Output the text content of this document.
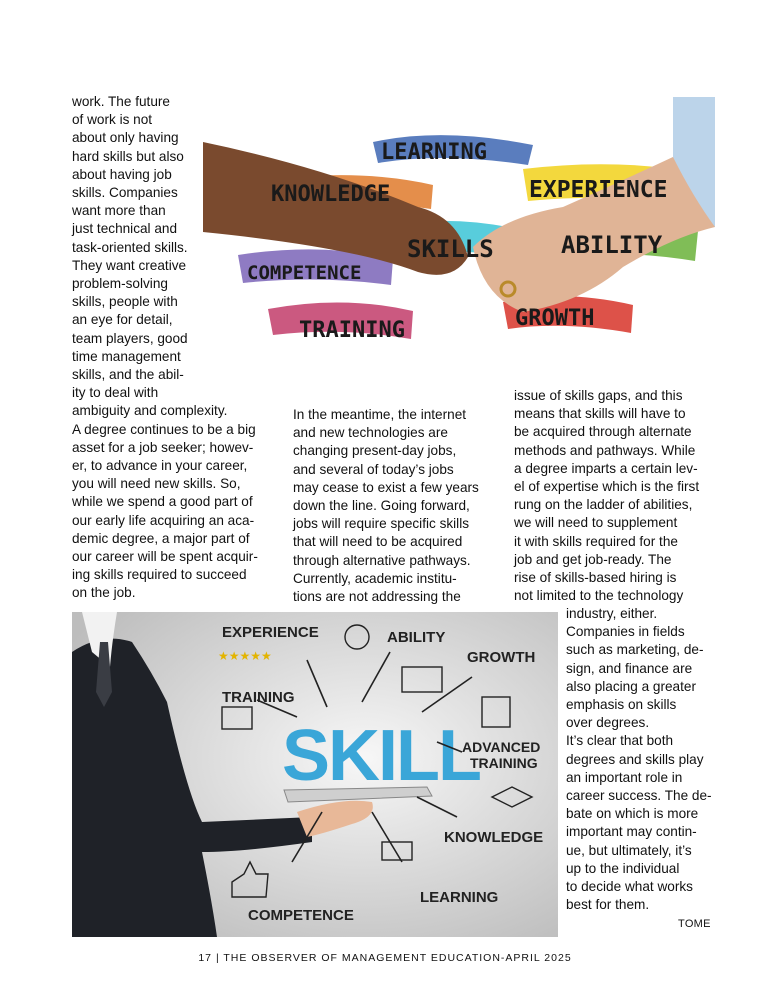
work. The future
of work is not
about only having
hard skills but also
about having job
skills. Companies
want more than
just technical and
task-oriented skills.
They want creative
problem-solving
skills, people with
an eye for detail,
team players, good
time management
skills, and the abil-
ity to deal with
ambiguity and complexity.
A degree continues to be a big
asset for a job seeker; howev-
er, to advance in your career,
you will need new skills. So,
while we spend a good part of
our early life acquiring an aca-
demic degree, a major part of
our career will be spent acquir-
ing skills required to succeed
on the job.
In the meantime, the internet
and new technologies are
changing present-day jobs,
and several of today’s jobs
may cease to exist a few years
down the line. Going forward,
jobs will require specific skills
that will need to be acquired
through alternative pathways.
Currently, academic institu-
tions are not addressing the
issue of skills gaps, and this
means that skills will have to
be acquired through alternate
methods and pathways. While
a degree imparts a certain lev-
el of expertise which is the first
rung on the ladder of abilities,
we will need to supplement
it with skills required for the
job and get job-ready. The
rise of skills-based hiring is
not limited to the technology
industry, either.
Companies in fields
such as marketing, de-
sign, and finance are
also placing a greater
emphasis on skills
over degrees.
It’s clear that both
degrees and skills play
an important role in
career success. The de-
bate on which is more
important may contin-
ue, but ultimately, it’s
up to the individual
to decide what works
best for them.
LEARNING
KNOWLEDGE	EXPERIENCE
SKILLS	ABILITY
COMPETENCE
GROWTH
TRAINING
SKILL
★★★★★
EXPERIENCE	ABILITY
GROWTH
TRAINING
ADVANCED
TRAINING
KNOWLEDGE
LEARNING
COMPETENCE	TOME
17 | THE OBSERVER OF MANAGEMENT EDUCATION-APRIL 2025
